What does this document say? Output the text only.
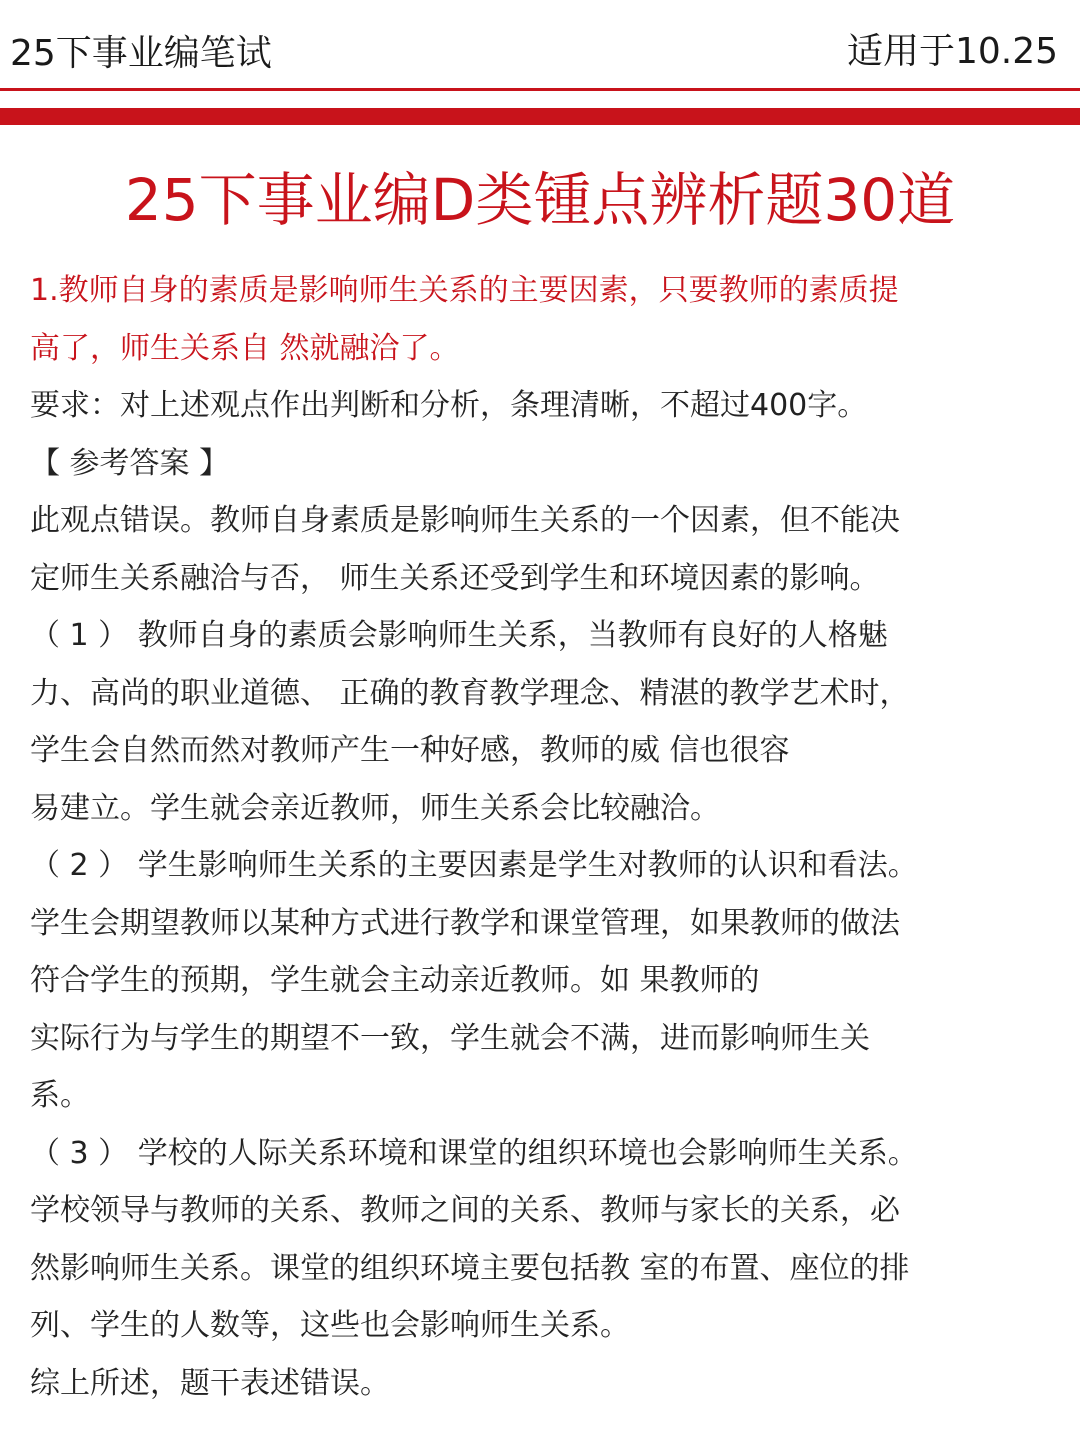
25下事业编笔试	适用于10.25
25下事业编D类锺点辨析题30道
1.教师自身的素质是影响师生关系的主要因素，只要教师的素质提
高了，师生关系自 然就融洽了。
要求：对上述观点作出判断和分析，条理清晰，不超过400字。
【 参考答案 】
此观点错误。教师自身素质是影响师生关系的一个因素，但不能决
定师生关系融洽与否， 师生关系还受到学生和环境因素的影响。
（ 1 ） 教师自身的素质会影响师生关系，当教师有良好的人格魅
力、高尚的职业道德、 正确的教育教学理念、精湛的教学艺术时，
学生会自然而然对教师产生一种好感，教师的威 信也很容
易建立。学生就会亲近教师，师生关系会比较融洽。
（ 2 ） 学生影响师生关系的主要因素是学生对教师的认识和看法。
学生会期望教师以某种方式进行教学和课堂管理，如果教师的做法
符合学生的预期，学生就会主动亲近教师。如 果教师的
实际行为与学生的期望不一致，学生就会不满，进而影响师生关
系。
（ 3 ） 学校的人际关系环境和课堂的组织环境也会影响师生关系。
学校领导与教师的关系、教师之间的关系、教师与家长的关系，必
然影响师生关系。课堂的组织环境主要包括教 室的布置、座位的排
列、学生的人数等，这些也会影响师生关系。
综上所述，题干表述错误。
